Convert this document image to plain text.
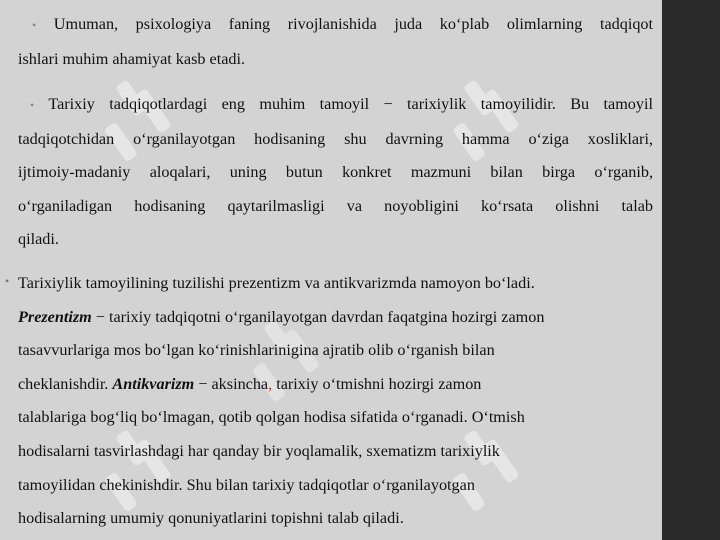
• Umuman, psixologiya faning rivojlanishida juda ko‘plab olimlarning tadqiqot
ishlari muhim ahamiyat kasb etadi.
• Tarixiy tadqiqotlardagi eng muhim tamoyil − tarixiylik tamoyilidir. Bu tamoyil
tadqiqotchidan o‘rganilayotgan hodisaning shu davrning hamma o‘ziga xosliklari,
ijtimoiy-madaniy aloqalari, uning butun konkret mazmuni bilan birga o‘rganib,
o‘rganiladigan hodisaning qaytarilmasligi va noyobligini ko‘rsata olishni talab
qiladi.
• Tarixiylik tamoyilining tuzilishi prezentizm va antikvarizmda namoyon bo‘ladi.
Prezentizm − tarixiy tadqiqotni o‘rganilayotgan davrdan faqatgina hozirgi zamon
tasavvurlariga mos bo‘lgan ko‘rinishlarinigina ajratib olib o‘rganish bilan
cheklanishdir. Antikvarizm − aksincha, tarixiy o‘tmishni hozirgi zamon
talablariga bog‘liq bo‘lmagan, qotib qolgan hodisa sifatida o‘rganadi. O‘tmish
hodisalarni tasvirlashdagi har qanday bir yoqlamalik, sxematizm tarixiylik
tamoyilidan chekinishdir. Shu bilan tarixiy tadqiqotlar o‘rganilayotgan
hodisalarning umumiy qonuniyatlarini topishni talab qiladi.
